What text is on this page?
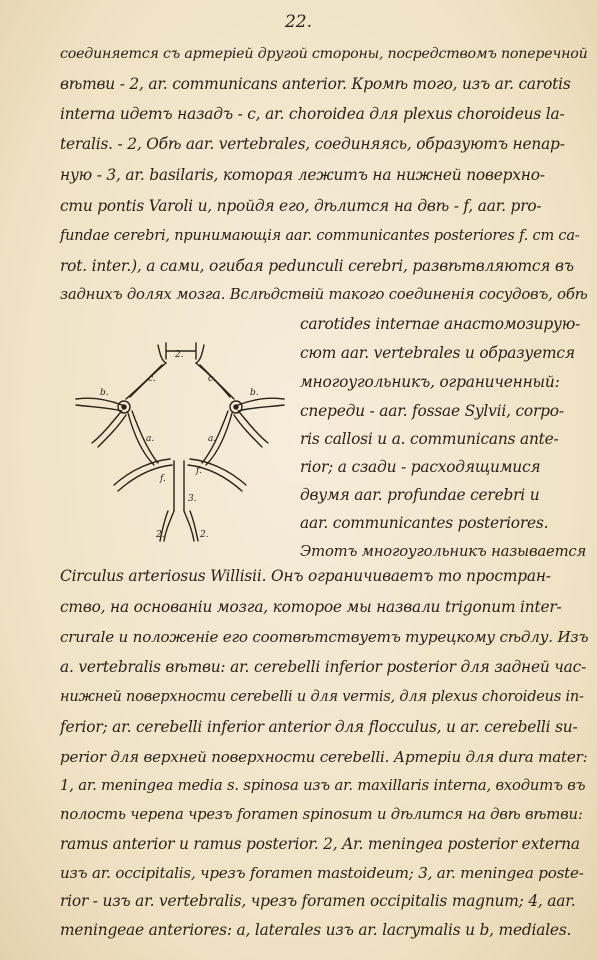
22.
соединяется съ артерiей другой стороны, посредствомъ поперечной
вѣтви - 2, ar. communicans anterior. Кромѣ того, изъ ar. carotis
interna идетъ назадъ - c, ar. choroidea для plexus choroideus la-
teralis. - 2, Обѣ aar. vertebrales, соединяясь, образуютъ непар-
ную - 3, ar. basilaris, которая лежитъ на нижней поверхно-
сти pontis Varoli и, пройдя его, дѣлится на двѣ - f, aar. pro-
fundae cerebri, принимающiя aar. communicantes posteriores f. cт ca-
rot. inter.), а сами, огибая pedunculi cerebri, развѣтвляются въ
заднихъ долях мозга. Вслѣдствiй такого соединенiя сосудовъ, обѣ
carotides internae анастомозирую-
сют aar. vertebrales и образуется
многоугольникъ, ограниченный:
спереди - aar. fossae Sylvii, corpo-
ris callosi и а. communicans ante-
rior; а сзади - расходящимися
двумя aar. profundae cerebri и
aar. communicantes posteriores.
Этотъ многоугольникъ называется
2.
b.	b.
c.	c.
a.	a.
f.
f.
3.
2.	2.
Circulus arteriosus Willisii. Онъ ограничиваетъ то простран-
ство, на основанiи мозга, которое мы назвали trigonum inter-
crurale и положенiе его соотвѣтствуетъ турецкому сѣдлу. Изъ
a. vertebralis вѣтви: ar. cerebelli inferior posterior для задней час-
нижней поверхности cerebelli и для vermis, для plexus choroideus in-
ferior; ar. cerebelli inferior anterior для flocculus, и ar. cerebelli su-
perior для верхней поверхности cerebelli. Артерiи для dura mater:
1, ar. meningea media s. spinosa изъ ar. maxillaris interna, входитъ въ
полость черепа чрезъ foramen spinosum и дѣлится на двѣ вѣтви:
ramus anterior и ramus posterior. 2, Ar. meningea posterior externa
изъ ar. occipitalis, чрезъ foramen mastoideum; 3, ar. meningea poste-
rior - изъ ar. vertebralis, чрезъ foramen occipitalis magnum; 4, aar.
meningeae anteriores: a, laterales изъ ar. lacrymalis и b, mediales.
